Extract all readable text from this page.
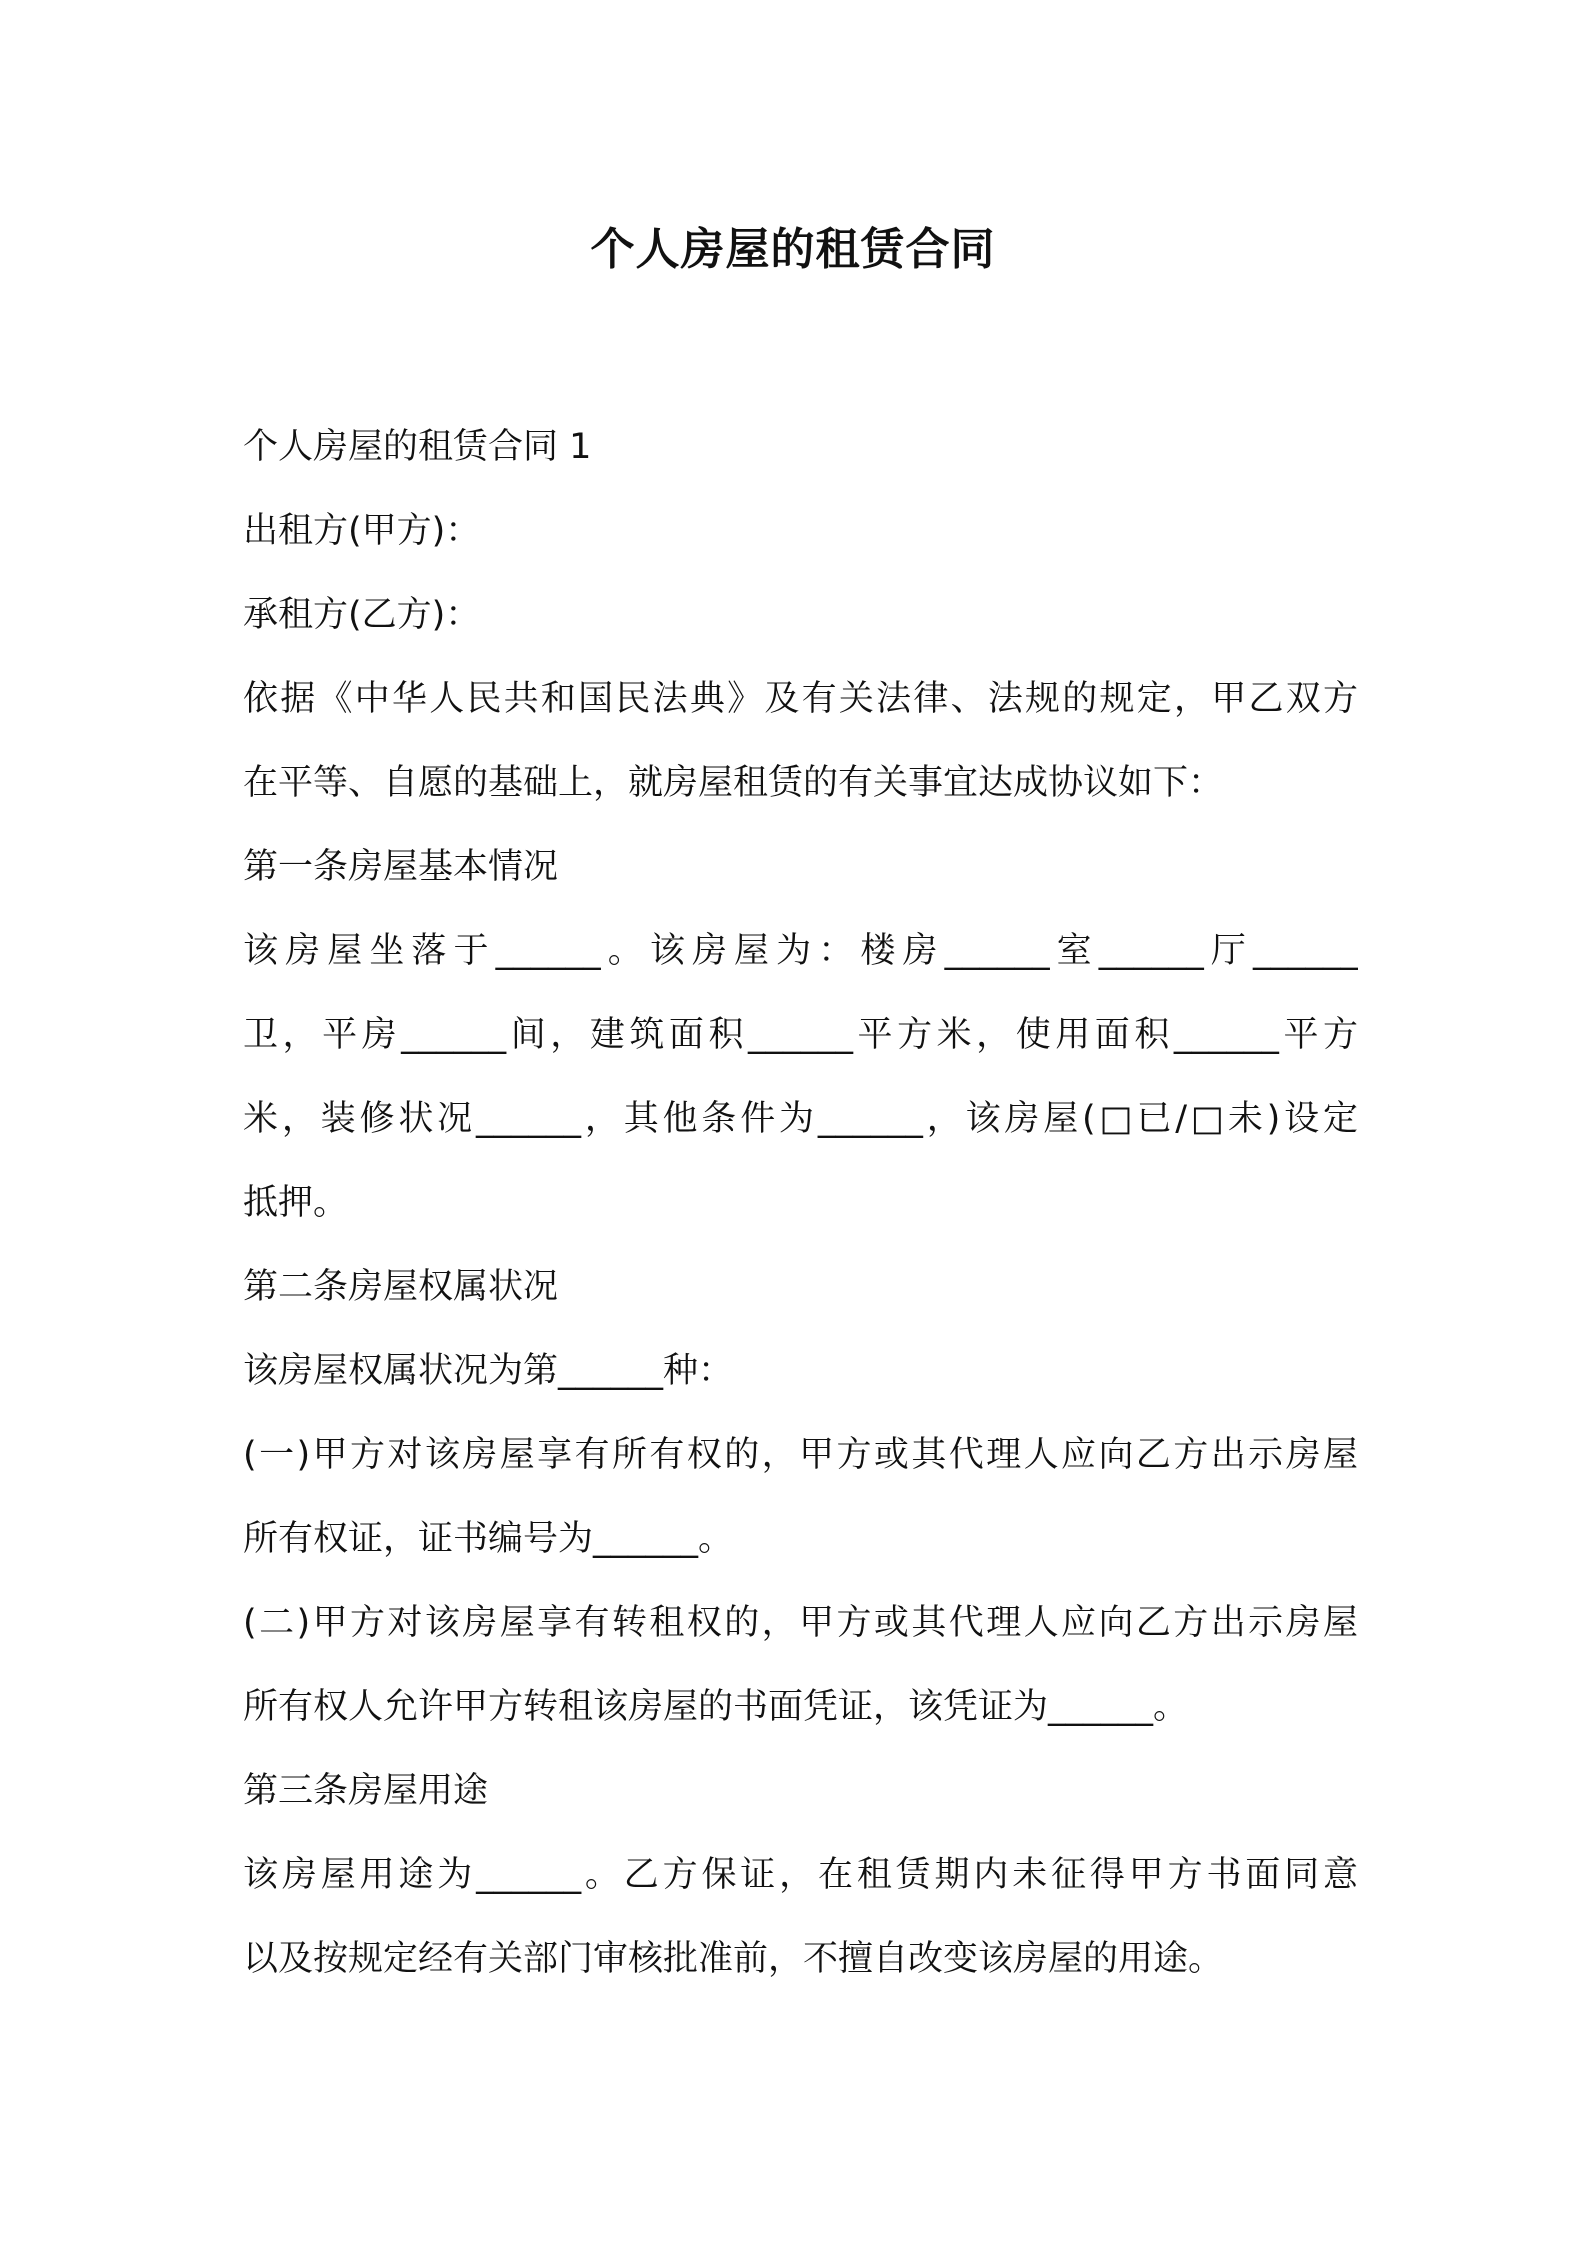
个人房屋的租赁合同
个人房屋的租赁合同 1
出租方(甲方)：
承租方(乙方)：
依据《中华人民共和国民法典》及有关法律、法规的规定，甲乙双方
在平等、自愿的基础上，就房屋租赁的有关事宜达成协议如下：
第一条房屋基本情况
该房屋坐落于______。该房屋为：楼房______室______厅______
卫，平房______间，建筑面积______平方米，使用面积______平方
米，装修状况______，其他条件为______，该房屋(□已/□未)设定
抵押。
第二条房屋权属状况
该房屋权属状况为第______种：
(一)甲方对该房屋享有所有权的，甲方或其代理人应向乙方出示房屋
所有权证，证书编号为______。
(二)甲方对该房屋享有转租权的，甲方或其代理人应向乙方出示房屋
所有权人允许甲方转租该房屋的书面凭证，该凭证为______。
第三条房屋用途
该房屋用途为______。乙方保证，在租赁期内未征得甲方书面同意
以及按规定经有关部门审核批准前，不擅自改变该房屋的用途。
